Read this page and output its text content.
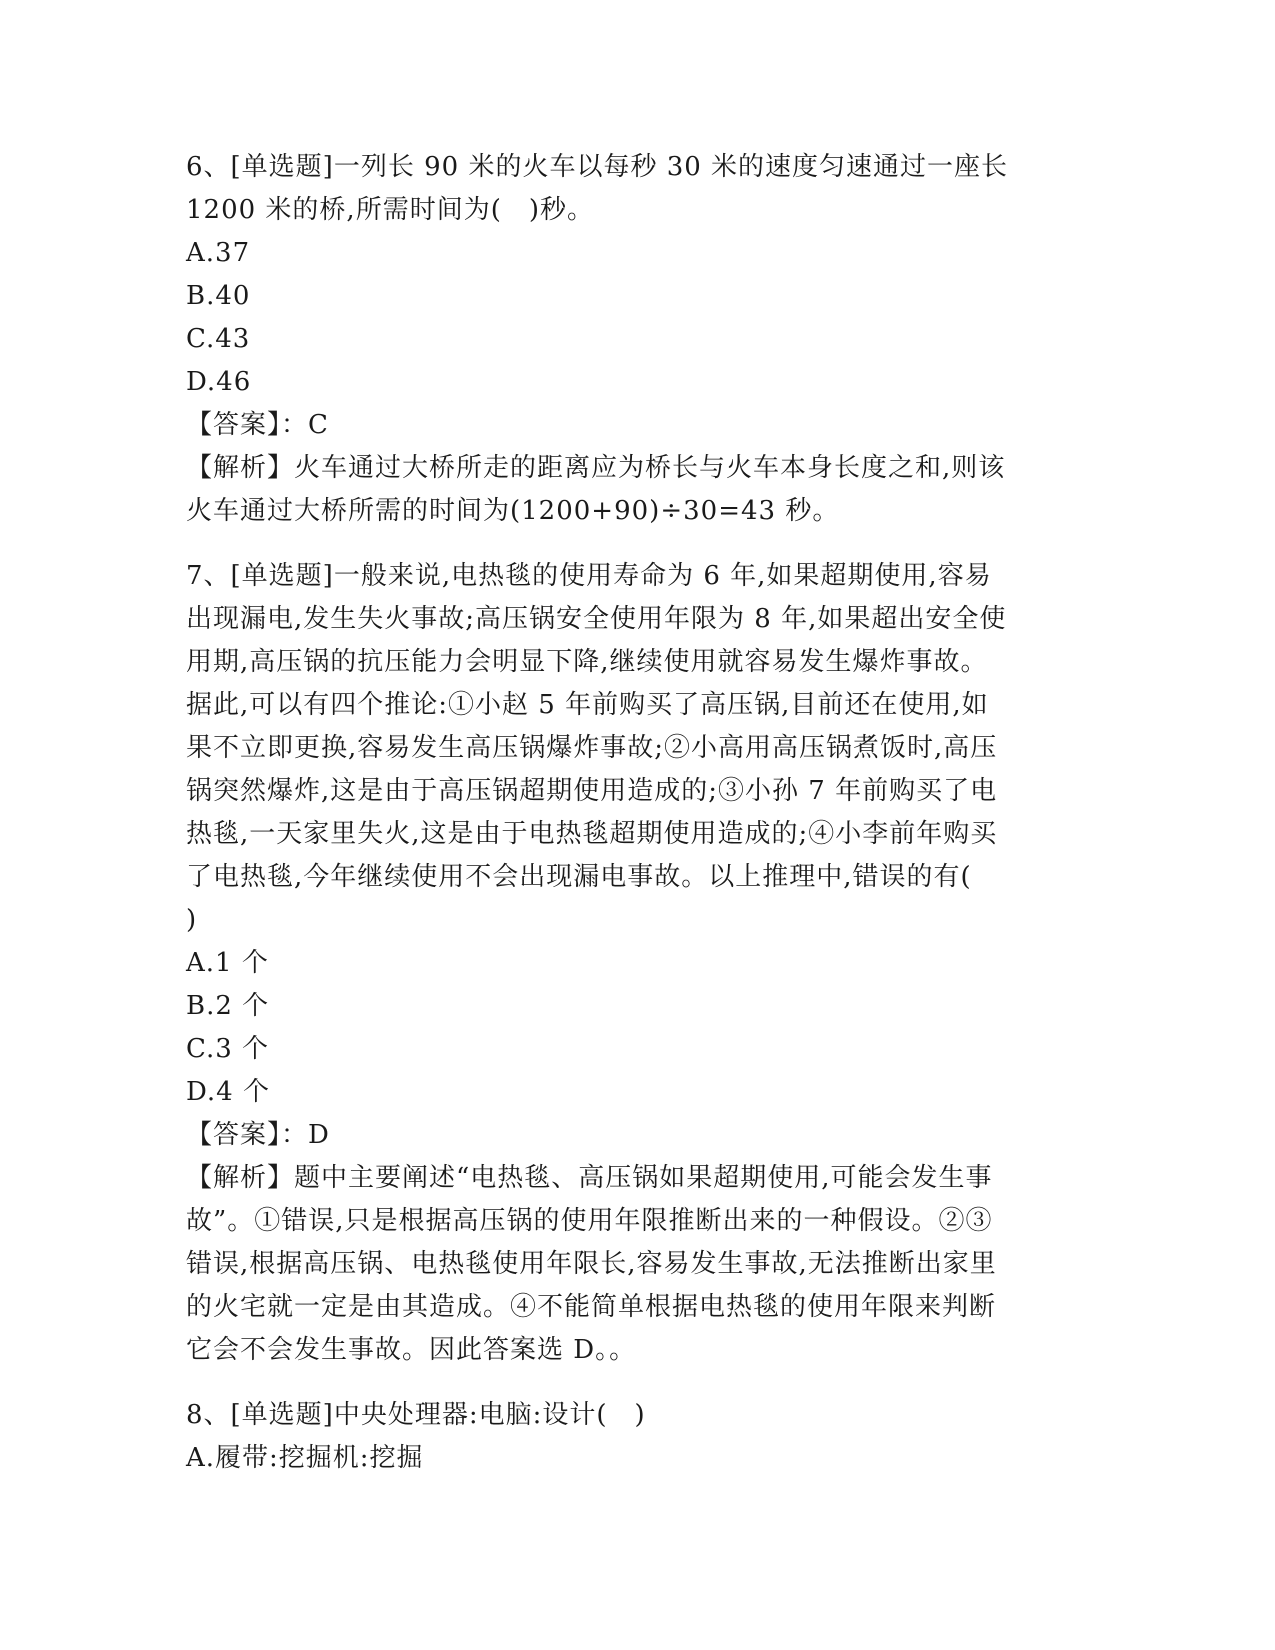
6、[单选题]一列长 90 米的火车以每秒 30 米的速度匀速通过一座长
1200 米的桥,所需时间为(　)秒。
A.37
B.40
C.43
D.46
【答案】：C
【解析】火车通过大桥所走的距离应为桥长与火车本身长度之和,则该
火车通过大桥所需的时间为(1200+90)÷30=43 秒。
7、[单选题]一般来说,电热毯的使用寿命为 6 年,如果超期使用,容易
出现漏电,发生失火事故;高压锅安全使用年限为 8 年,如果超出安全使
用期,高压锅的抗压能力会明显下降,继续使用就容易发生爆炸事故。
据此,可以有四个推论:①小赵 5 年前购买了高压锅,目前还在使用,如
果不立即更换,容易发生高压锅爆炸事故;②小高用高压锅煮饭时,高压
锅突然爆炸,这是由于高压锅超期使用造成的;③小孙 7 年前购买了电
热毯,一天家里失火,这是由于电热毯超期使用造成的;④小李前年购买
了电热毯,今年继续使用不会出现漏电事故。以上推理中,错误的有(
)
A.1 个
B.2 个
C.3 个
D.4 个
【答案】：D
【解析】题中主要阐述“电热毯、高压锅如果超期使用,可能会发生事
故”。①错误,只是根据高压锅的使用年限推断出来的一种假设。②③
错误,根据高压锅、电热毯使用年限长,容易发生事故,无法推断出家里
的火宅就一定是由其造成。④不能简单根据电热毯的使用年限来判断
它会不会发生事故。因此答案选 D。。
8、[单选题]中央处理器:电脑:设计(　)
A.履带:挖掘机:挖掘
